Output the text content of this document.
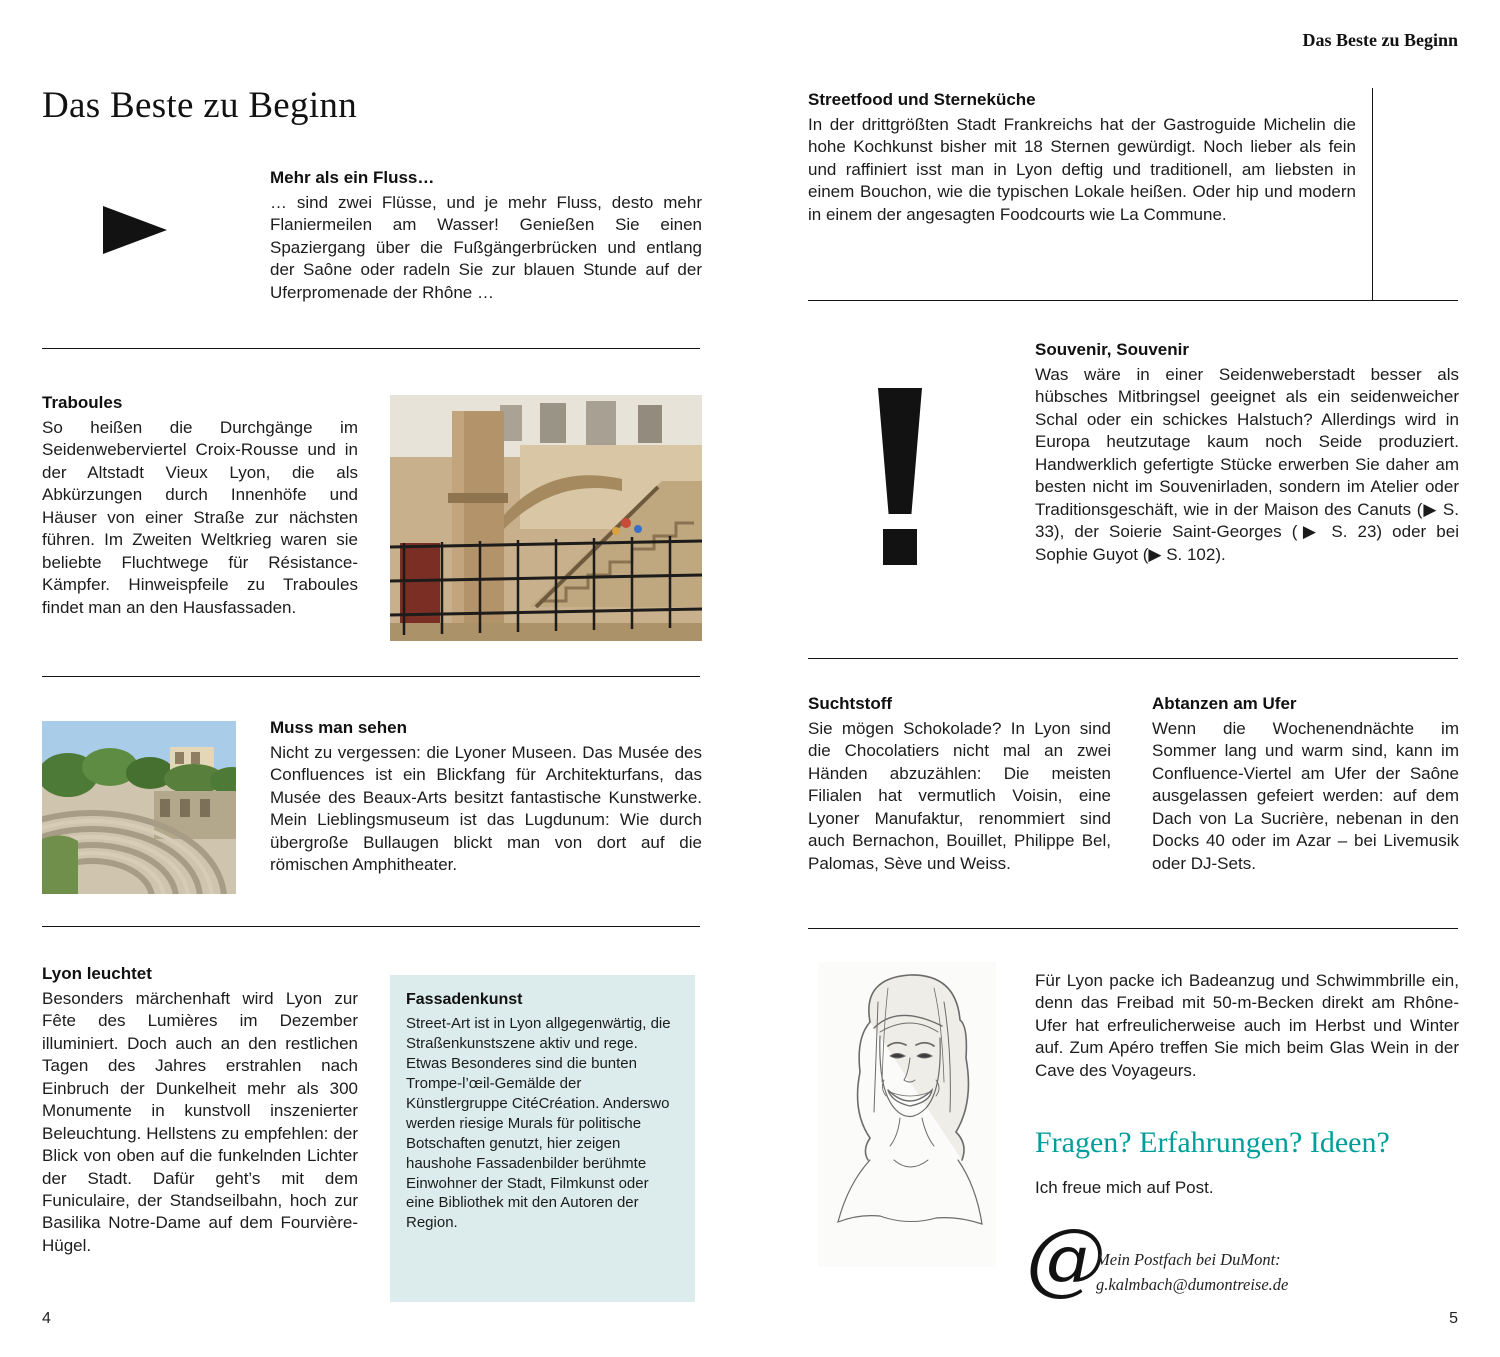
Das Beste zu Beginn

Mehr als ein Fluss…

… sind zwei Flüsse, und je mehr Fluss, desto mehr Flaniermeilen am Wasser! Genießen Sie einen Spaziergang über die Fußgängerbrücken und entlang der Saône oder radeln Sie zur blauen Stunde auf der Uferpromenade der Rhône …

Traboules

So heißen die Durchgänge im Seidenweberviertel Croix-Rousse und in der Altstadt Vieux Lyon, die als Abkürzungen durch Innenhöfe und Häuser von einer Straße zur nächsten führen. Im Zweiten Weltkrieg waren sie beliebte Fluchtwege für Résistance-Kämpfer. Hinweispfeile zu Traboules findet man an den Hausfassaden.

Muss man sehen

Nicht zu vergessen: die Lyoner Museen. Das Musée des Confluences ist ein Blickfang für Architekturfans, das Musée des Beaux-Arts besitzt fantastische Kunstwerke. Mein Lieblingsmuseum ist das Lugdunum: Wie durch übergroße Bullaugen blickt man von dort auf die römischen Amphitheater.

Lyon leuchtet

Besonders märchenhaft wird Lyon zur Fête des Lumières im Dezember illuminiert. Doch auch an den restlichen Tagen des Jahres erstrahlen nach Einbruch der Dunkelheit mehr als 300 Monumente in kunstvoll inszenierter Beleuchtung. Hellstens zu empfehlen: der Blick von oben auf die funkelnden Lichter der Stadt. Dafür geht’s mit dem Funiculaire, der Standseilbahn, hoch zur Basilika Notre-Dame auf dem Fourvière-Hügel.

Fassadenkunst

Street-Art ist in Lyon allgegenwärtig, die Straßenkunstszene aktiv und rege. Etwas Besonderes sind die bunten Trompe-l’œil-Gemälde der Künstlergruppe CitéCréation. Anderswo werden riesige Murals für politische Botschaften genutzt, hier zeigen haushohe Fassadenbilder berühmte Einwohner der Stadt, Filmkunst oder eine Bibliothek mit den Autoren der Region.

4
Das Beste zu Beginn

Streetfood und Sterneküche

In der drittgrößten Stadt Frankreichs hat der Gastroguide Michelin die hohe Kochkunst bisher mit 18 Sternen gewürdigt. Noch lieber als fein und raffiniert isst man in Lyon deftig und traditionell, am liebsten in einem Bouchon, wie die typischen Lokale heißen. Oder hip und modern in einem der angesagten Foodcourts wie La Commune.

Souvenir, Souvenir

Was wäre in einer Seidenweberstadt besser als hübsches Mitbringsel geeignet als ein seidenweicher Schal oder ein schickes Halstuch? Allerdings wird in Europa heutzutage kaum noch Seide produziert. Handwerklich gefertigte Stücke erwerben Sie daher am besten nicht im Souvenirladen, sondern im Atelier oder Traditionsgeschäft, wie in der Maison des Canuts (▶ S. 33), der Soierie Saint-Georges (▶ S. 23) oder bei Sophie Guyot (▶ S. 102).

Suchtstoff

Sie mögen Schokolade? In Lyon sind die Chocolatiers nicht mal an zwei Händen abzuzählen: Die meisten Filialen hat vermutlich Voisin, eine Lyoner Manufaktur, renommiert sind auch Bernachon, Bouillet, Philippe Bel, Palomas, Sève und Weiss.

Abtanzen am Ufer

Wenn die Wochenendnächte im Sommer lang und warm sind, kann im Confluence-Viertel am Ufer der Saône ausgelassen gefeiert werden: auf dem Dach von La Sucrière, nebenan in den Docks 40 oder im Azar – bei Livemusik oder DJ-Sets.

Für Lyon packe ich Badeanzug und Schwimmbrille ein, denn das Freibad mit 50-m-Becken direkt am Rhône-Ufer hat erfreulicherweise auch im Herbst und Winter auf. Zum Apéro treffen Sie mich beim Glas Wein in der Cave des Voyageurs.

Fragen? Erfahrungen? Ideen?
Ich freue mich auf Post.
@
Mein Postfach bei DuMont:
g.kalmbach@dumontreise.de
5
